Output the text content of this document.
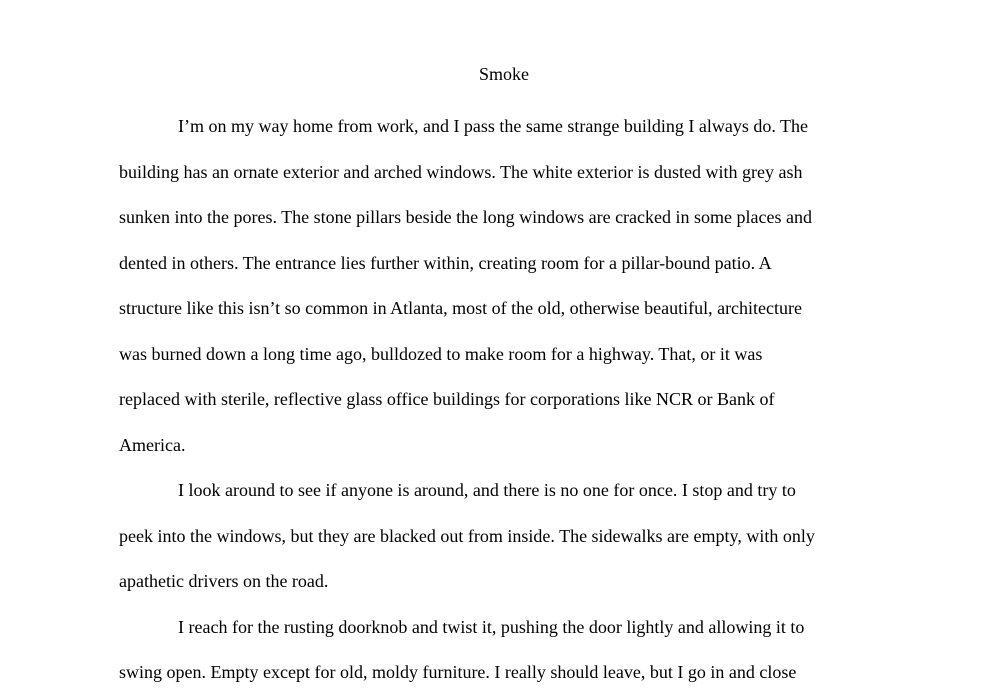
Smoke
I’m on my way home from work, and I pass the same strange building I always do. The
building has an ornate exterior and arched windows. The white exterior is dusted with grey ash
sunken into the pores. The stone pillars beside the long windows are cracked in some places and
dented in others. The entrance lies further within, creating room for a pillar-bound patio. A
structure like this isn’t so common in Atlanta, most of the old, otherwise beautiful, architecture
was burned down a long time ago, bulldozed to make room for a highway. That, or it was
replaced with sterile, reflective glass office buildings for corporations like NCR or Bank of
America.
I look around to see if anyone is around, and there is no one for once. I stop and try to
peek into the windows, but they are blacked out from inside. The sidewalks are empty, with only
apathetic drivers on the road.
I reach for the rusting doorknob and twist it, pushing the door lightly and allowing it to
swing open. Empty except for old, moldy furniture. I really should leave, but I go in and close
